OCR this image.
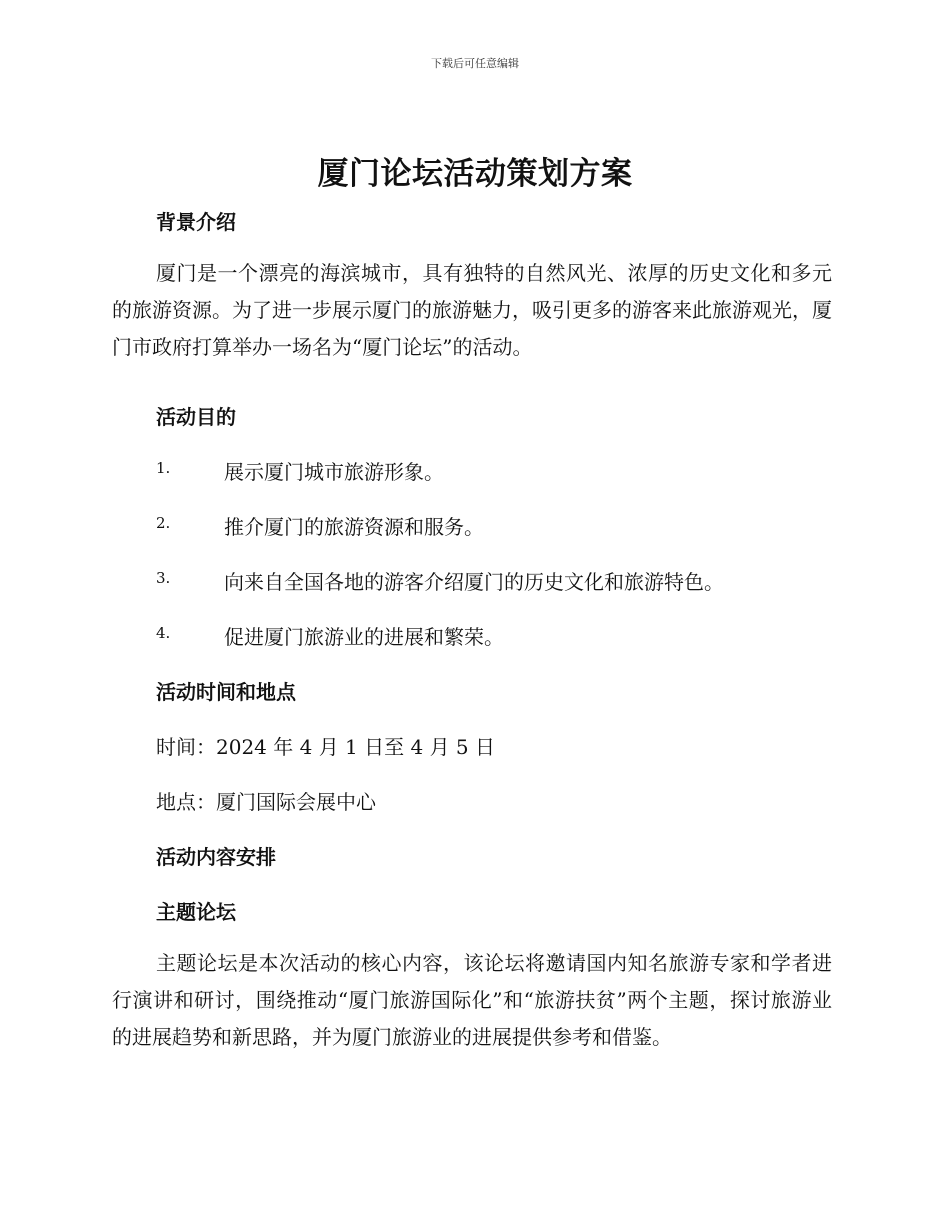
下载后可任意编辑
厦门论坛活动策划方案
背景介绍

厦门是一个漂亮的海滨城市，具有独特的自然风光、浓厚的历史文化和多元的旅游资源。为了进一步展示厦门的旅游魅力，吸引更多的游客来此旅游观光，厦门市政府打算举办一场名为“厦门论坛”的活动。

活动目的
1.	展示厦门城市旅游形象。
2.	推介厦门的旅游资源和服务。
3.	向来自全国各地的游客介绍厦门的历史文化和旅游特色。
4.	促进厦门旅游业的进展和繁荣。
活动时间和地点

时间：2024 年 4 月 1 日至 4 月 5 日

地点：厦门国际会展中心

活动内容安排
主题论坛

主题论坛是本次活动的核心内容，该论坛将邀请国内知名旅游专家和学者进行演讲和研讨，围绕推动“厦门旅游国际化”和“旅游扶贫”两个主题，探讨旅游业的进展趋势和新思路，并为厦门旅游业的进展提供参考和借鉴。
